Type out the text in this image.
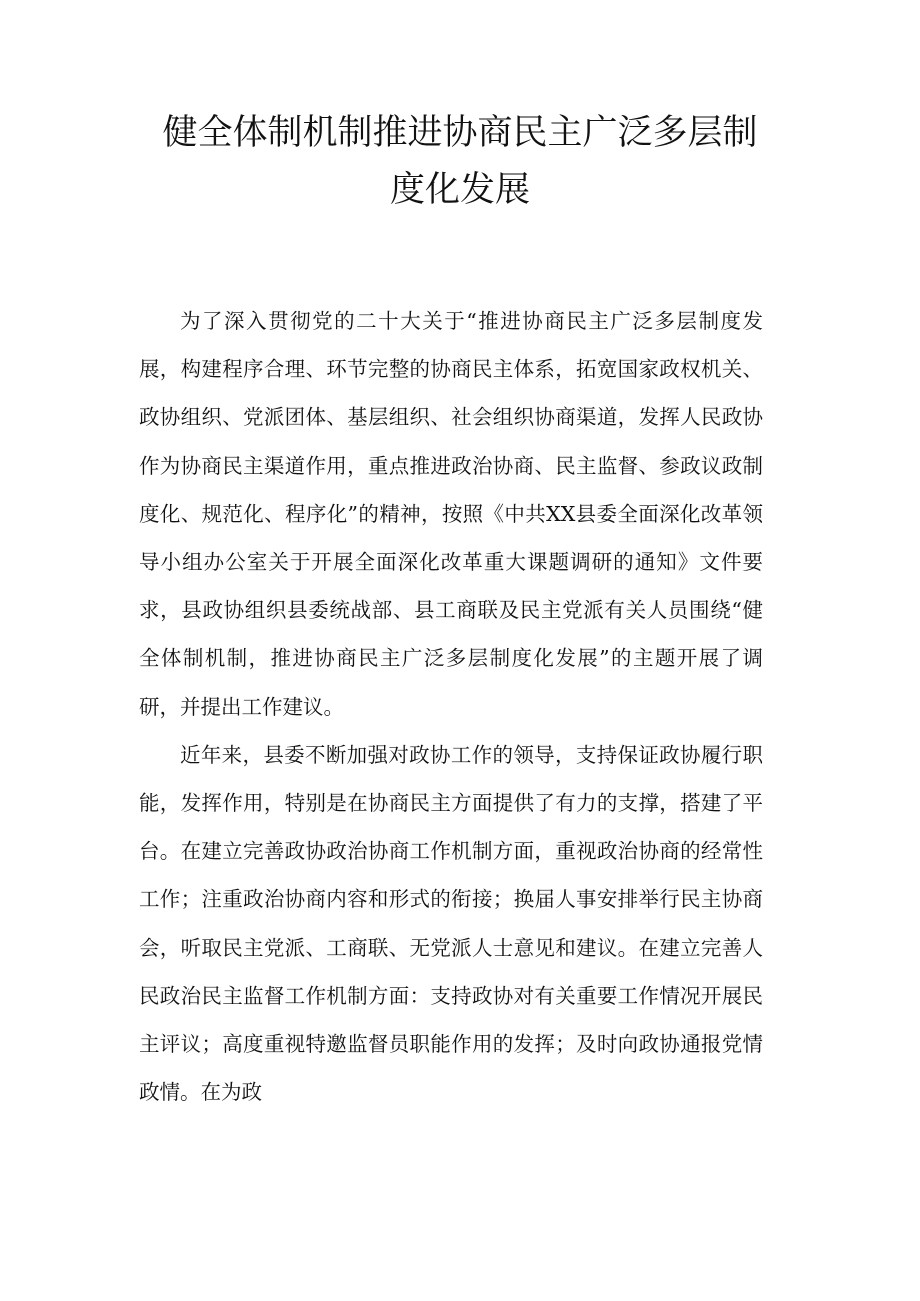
健全体制机制推进协商民主广泛多层制
度化发展

为了深入贯彻党的二十大关于“推进协商民主广泛多层制度发展，构建程序合理、环节完整的协商民主体系，拓宽国家政权机关、政协组织、党派团体、基层组织、社会组织协商渠道，发挥人民政协作为协商民主渠道作用，重点推进政治协商、民主监督、参政议政制度化、规范化、程序化”的精神，按照《中共XX县委全面深化改革领导小组办公室关于开展全面深化改革重大课题调研的通知》文件要求，县政协组织县委统战部、县工商联及民主党派有关人员围绕“健全体制机制，推进协商民主广泛多层制度化发展”的主题开展了调研，并提出工作建议。

近年来，县委不断加强对政协工作的领导，支持保证政协履行职能，发挥作用，特别是在协商民主方面提供了有力的支撑，搭建了平台。在建立完善政协政治协商工作机制方面，重视政治协商的经常性工作；注重政治协商内容和形式的衔接；换届人事安排举行民主协商会，听取民主党派、工商联、无党派人士意见和建议。在建立完善人民政治民主监督工作机制方面：支持政协对有关重要工作情况开展民主评议；高度重视特邀监督员职能作用的发挥；及时向政协通报党情政情。在为政
